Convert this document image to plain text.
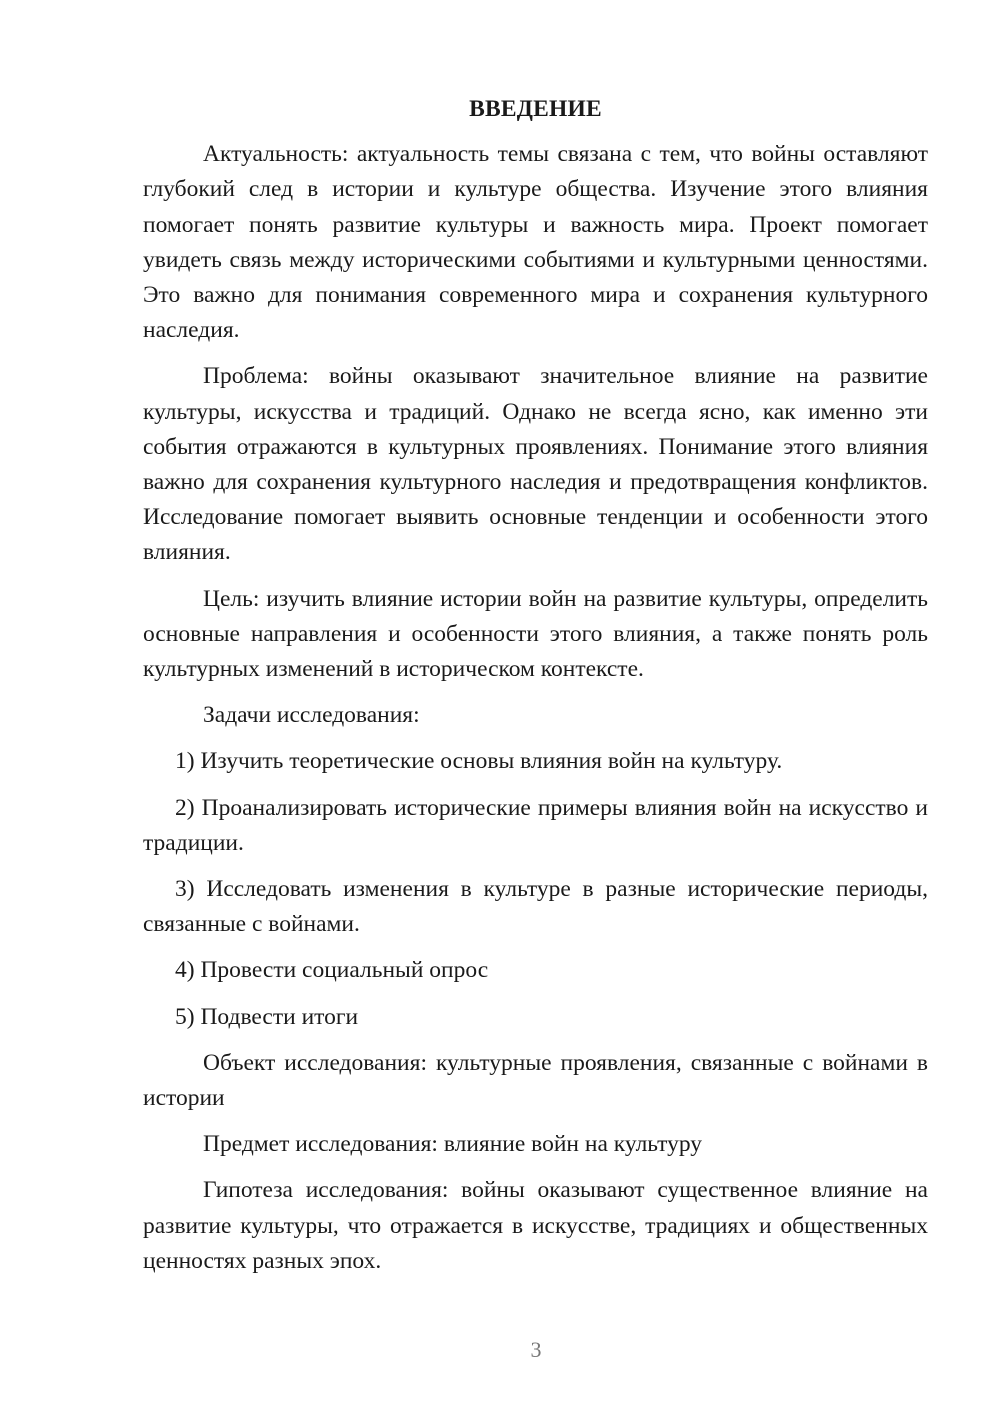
ВВЕДЕНИЕ

Актуальность: актуальность темы связана с тем, что войны оставляют глубокий след в истории и культуре общества. Изучение этого влияния помогает понять развитие культуры и важность мира. Проект помогает увидеть связь между историческими событиями и культурными ценностями. Это важно для понимания современного мира и сохранения культурного наследия.

Проблема: войны оказывают значительное влияние на развитие культуры, искусства и традиций. Однако не всегда ясно, как именно эти события отражаются в культурных проявлениях. Понимание этого влияния важно для сохранения культурного наследия и предотвращения конфликтов. Исследование помогает выявить основные тенденции и особенности этого влияния.

Цель: изучить влияние истории войн на развитие культуры, определить основные направления и особенности этого влияния, а также понять роль культурных изменений в историческом контексте.

Задачи исследования:

1) Изучить теоретические основы влияния войн на культуру.

2) Проанализировать исторические примеры влияния войн на искусство и традиции.

3) Исследовать изменения в культуре в разные исторические периоды, связанные с войнами.

4) Провести социальный опрос

5) Подвести итоги

Объект исследования: культурные проявления, связанные с войнами в истории

Предмет исследования: влияние войн на культуру

Гипотеза исследования: войны оказывают существенное влияние на развитие культуры, что отражается в искусстве, традициях и общественных ценностях разных эпох.

3
